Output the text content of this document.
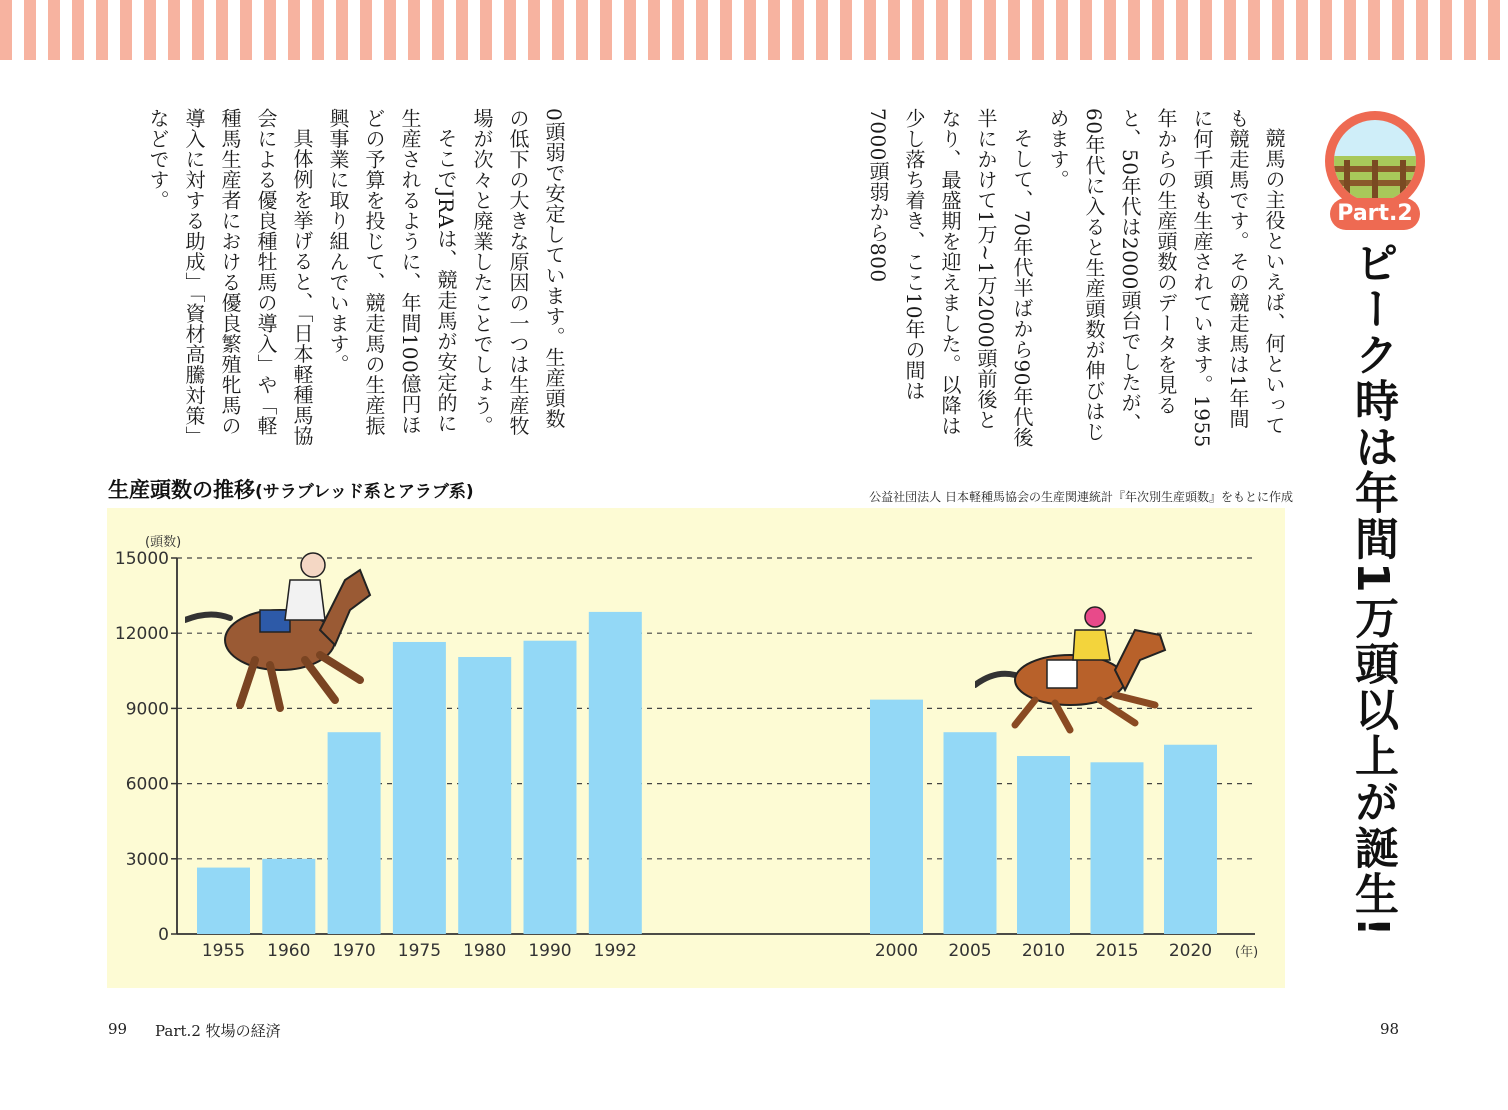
Part.2
ピーク時は年間1万頭以上が誕生!

競馬の主役といえば、何といっても競走馬です。その競走馬は1年間に何千頭も生産されています。1955年からの生産頭数のデータを見ると、50年代は2000頭台でしたが、60年代に入ると生産頭数が伸びはじめます。

そして、70年代半ばから90年代後半にかけて1万~1万2000頭前後となり、最盛期を迎えました。以降は少し落ち着き、ここ10年の間は7000頭弱から800

0頭弱で安定しています。生産頭数の低下の大きな原因の一つは生産牧場が次々と廃業したことでしょう。

そこでJRAは、競走馬が安定的に生産されるように、年間100億円ほどの予算を投じて、競走馬の生産振興事業に取り組んでいます。

具体例を挙げると、「日本軽種馬協会による優良種牡馬の導入」や「軽種馬生産者における優良繁殖牝馬の導入に対する助成」「資材高騰対策」などです。

生産頭数の推移(サラブレッド系とアラブ系)	公益社団法人 日本軽種馬協会の生産関連統計『年次別生産頭数』をもとに作成
0
3000
6000
9000
12000
15000
(頭数)
(年)
1955 1960 1970 1975 1980 1990 1992	2000 2005 2010 2015 2020
99 Part.2 牧場の経済	98
